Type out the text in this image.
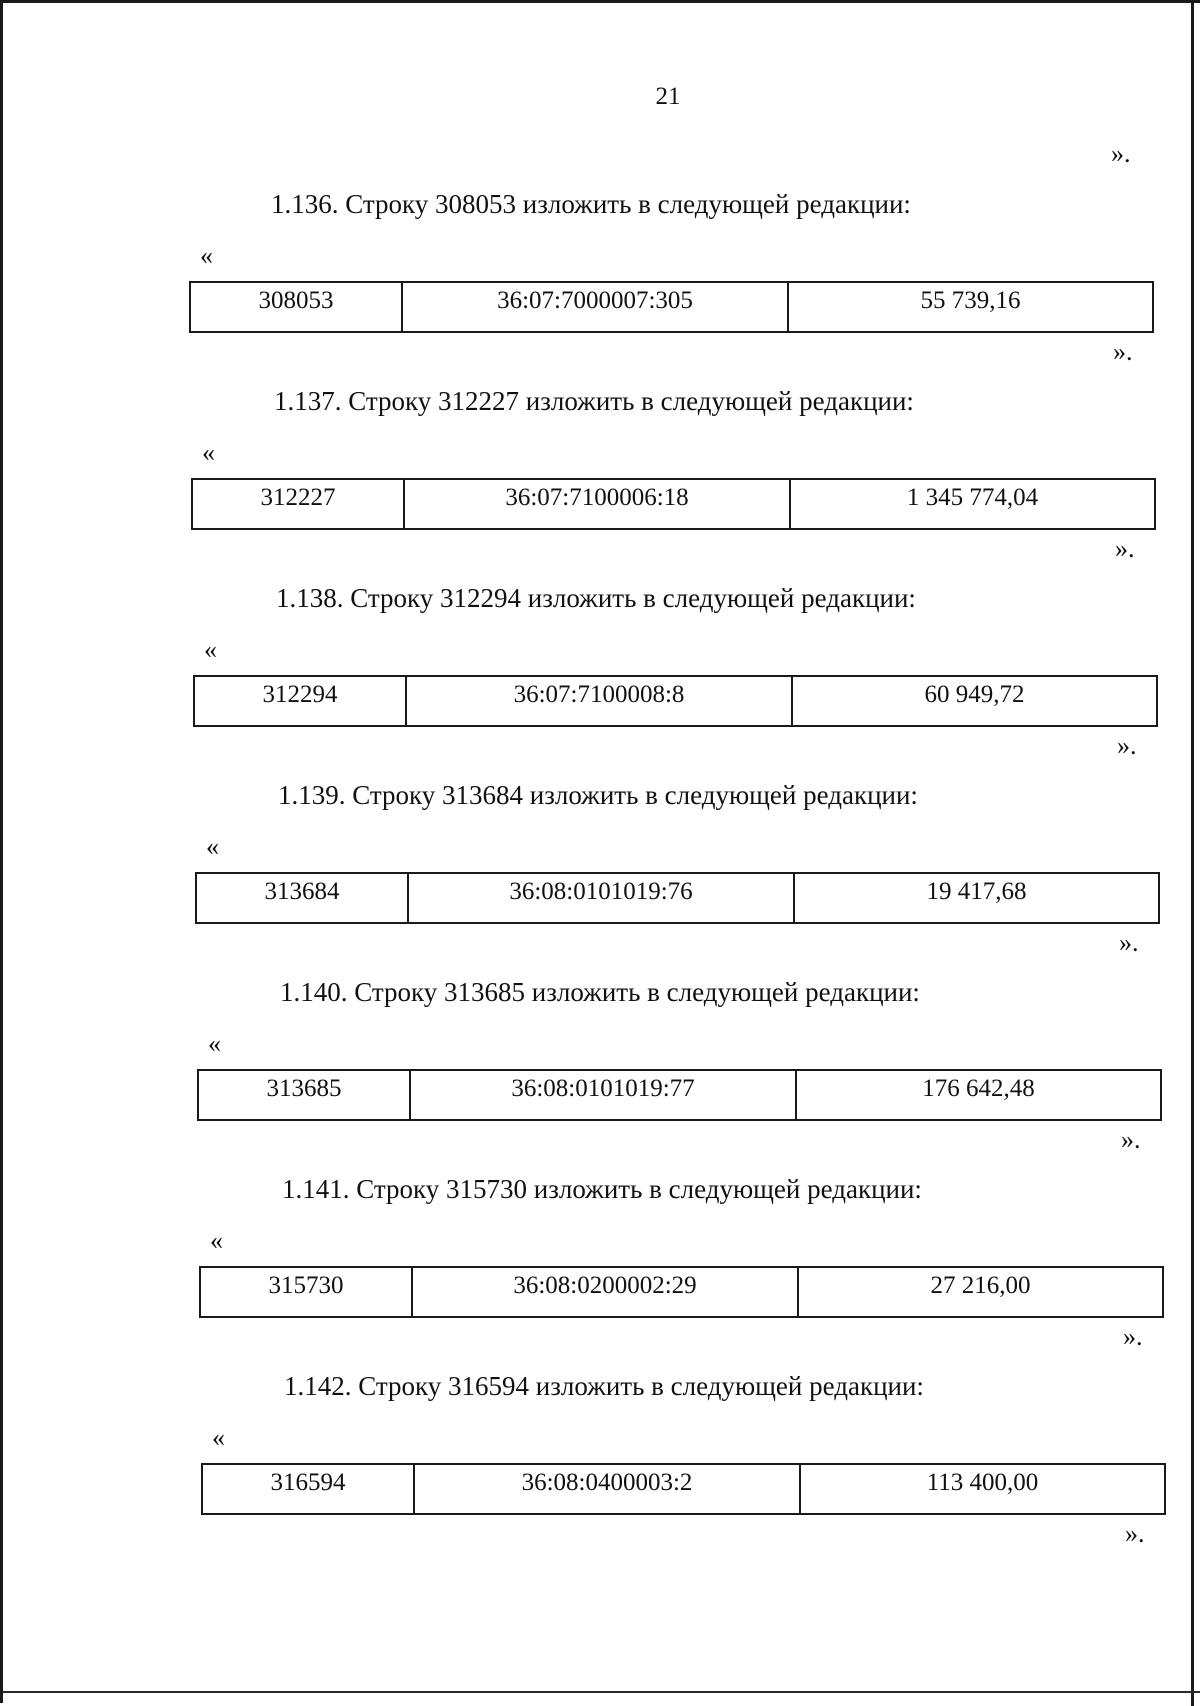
21
».
1.136. Строку 308053 изложить в следующей редакции:
«
308053	36:07:7000007:305	55 739,16
».
1.137. Строку 312227 изложить в следующей редакции:
«
312227	36:07:7100006:18	1 345 774,04
».
1.138. Строку 312294 изложить в следующей редакции:
«
312294	36:07:7100008:8	60 949,72
».
1.139. Строку 313684 изложить в следующей редакции:
«
313684	36:08:0101019:76	19 417,68
».
1.140. Строку 313685 изложить в следующей редакции:
«
313685	36:08:0101019:77	176 642,48
».
1.141. Строку 315730 изложить в следующей редакции:
«
315730	36:08:0200002:29	27 216,00
».
1.142. Строку 316594 изложить в следующей редакции:
«
316594	36:08:0400003:2	113 400,00
».
